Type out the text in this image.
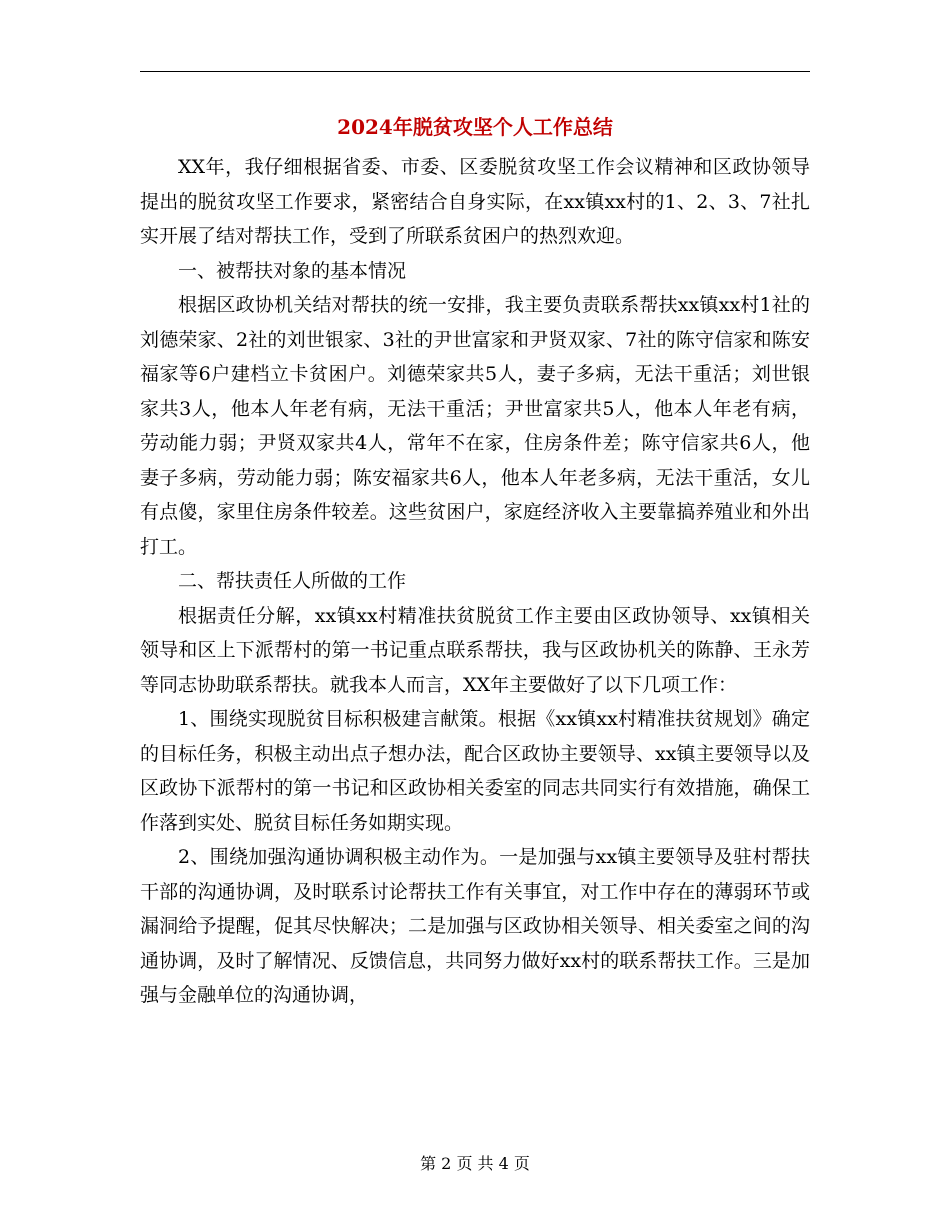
2024年脱贫攻坚个人工作总结

XX年，我仔细根据省委、市委、区委脱贫攻坚工作会议精神和区政协领导提出的脱贫攻坚工作要求，紧密结合自身实际，在xx镇xx村的1、2、3、7社扎实开展了结对帮扶工作，受到了所联系贫困户的热烈欢迎。

一、被帮扶对象的基本情况

根据区政协机关结对帮扶的统一安排，我主要负责联系帮扶xx镇xx村1社的刘德荣家、2社的刘世银家、3社的尹世富家和尹贤双家、7社的陈守信家和陈安福家等6户建档立卡贫困户。刘德荣家共5人，妻子多病，无法干重活；刘世银家共3人，他本人年老有病，无法干重活；尹世富家共5人，他本人年老有病，劳动能力弱；尹贤双家共4人，常年不在家，住房条件差；陈守信家共6人，他妻子多病，劳动能力弱；陈安福家共6人，他本人年老多病，无法干重活，女儿有点傻，家里住房条件较差。这些贫困户，家庭经济收入主要靠搞养殖业和外出打工。

二、帮扶责任人所做的工作

根据责任分解，xx镇xx村精准扶贫脱贫工作主要由区政协领导、xx镇相关领导和区上下派帮村的第一书记重点联系帮扶，我与区政协机关的陈静、王永芳等同志协助联系帮扶。就我本人而言，XX年主要做好了以下几项工作：

1、围绕实现脱贫目标积极建言献策。根据《xx镇xx村精准扶贫规划》确定的目标任务，积极主动出点子想办法，配合区政协主要领导、xx镇主要领导以及区政协下派帮村的第一书记和区政协相关委室的同志共同实行有效措施，确保工作落到实处、脱贫目标任务如期实现。

2、围绕加强沟通协调积极主动作为。一是加强与xx镇主要领导及驻村帮扶干部的沟通协调，及时联系讨论帮扶工作有关事宜，对工作中存在的薄弱环节或漏洞给予提醒，促其尽快解决；二是加强与区政协相关领导、相关委室之间的沟通协调，及时了解情况、反馈信息，共同努力做好xx村的联系帮扶工作。三是加强与金融单位的沟通协调，

第 2 页 共 4 页
